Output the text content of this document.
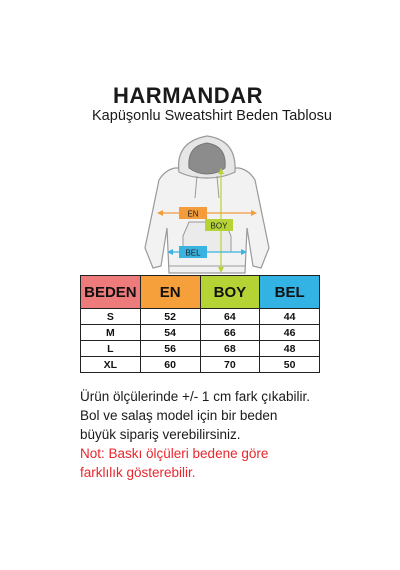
HARMANDAR
Kapüşonlu Sweatshirt Beden Tablosu
EN
BOY
BEL
BEDEN	EN	BOY	BEL
S	52	64	44
M	54	66	46
L	56	68	48
XL	60	70	50

Ürün ölçülerinde +/- 1 cm fark çıkabilir.

Bol ve salaş model için bir beden

büyük sipariş verebilirsiniz.

Not: Baskı ölçüleri bedene göre

farklılık gösterebilir.
